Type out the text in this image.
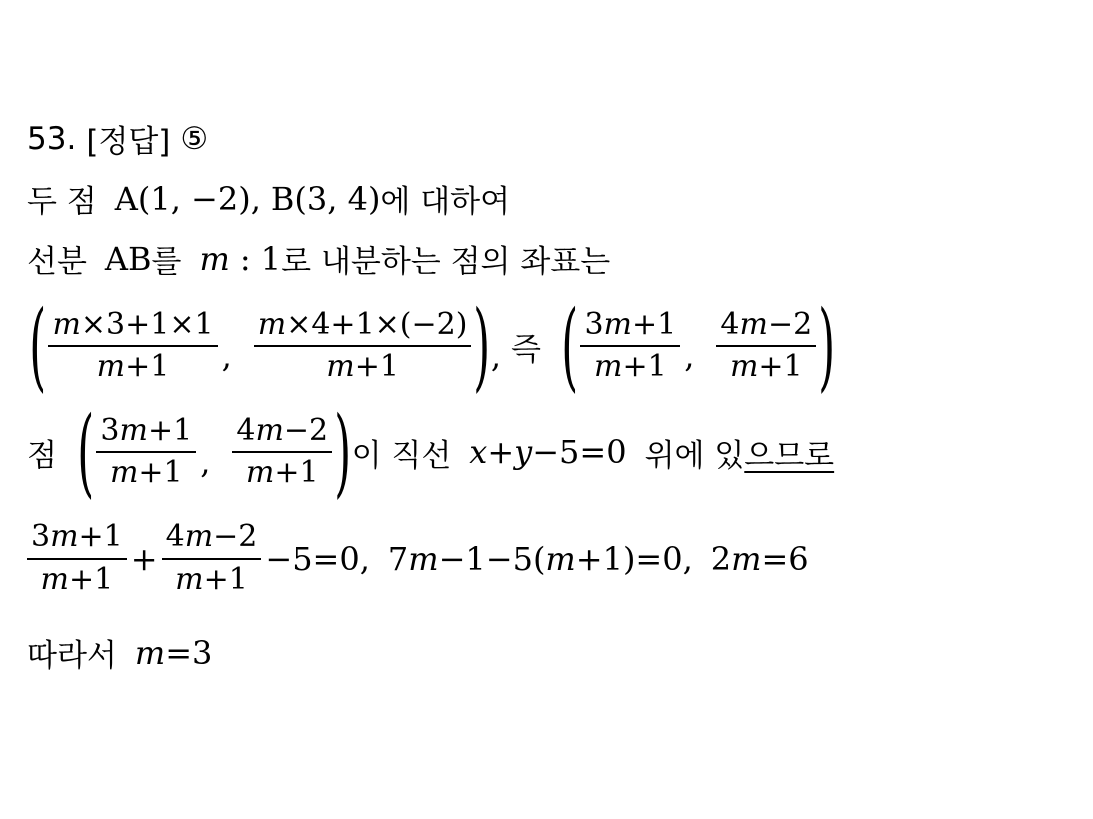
53. [정답] ⑤
두 점 A(1, −2), B(3, 4) 에 대하여
선분 AB 를 m : 1 로 내분하는 점의 좌표는
( $\frac{m\times 3+1\times 1}{m+1}$ , $\frac{m\times 4+1\times(-2)}{m+1}$ ) , 즉 ( $\frac{3m+1}{m+1}$ , $\frac{4m-2}{m+1}$ )
점 ( $\frac{3m+1}{m+1}$ , $\frac{4m-2}{m+1}$ ) 이 직선 x+y−5=0 위에 있 으므로
$\frac{3m+1}{m+1} + \frac{4m-2}{m+1} -5=0$, 7m−1−5(m+1)=0, 2m=6
따라서 m =3
